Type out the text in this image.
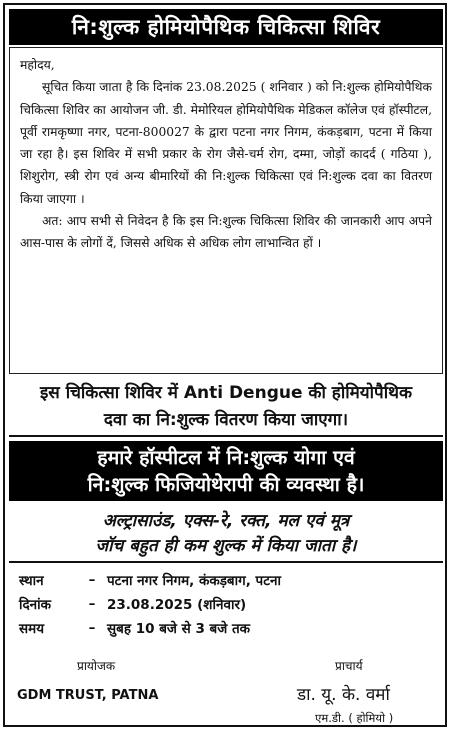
नि:शुल्क होमियोपैथिक चिकित्सा शिविर

महोदय,

सूचित किया जाता है कि दिनांक 23.08.2025 ( शनिवार ) को नि:शुल्क होमियोपैथिक चिकित्सा शिविर का आयोजन जी. डी. मेमोरियल होमियोपैथिक मेडिकल कॉलेज एवं हॉस्पीटल, पूर्वी रामकृष्णा नगर, पटना-800027 के द्वारा पटना नगर निगम, कंकड़बाग, पटना में किया जा रहा है। इस शिविर में सभी प्रकार के रोग जैसे-चर्म रोग, दम्मा, जोड़ों कादर्द ( गठिया ), शिशुरोग, स्त्री रोग एवं अन्य बीमारियों की नि:शुल्क चिकित्सा एवं नि:शुल्क दवा का वितरण किया जाएगा ।

अत: आप सभी से निवेदन है कि इस नि:शुल्क चिकित्सा शिविर की जानकारी आप अपने आस-पास के लोगों दें, जिससे अधिक से अधिक लोग लाभान्वित हों ।

इस चिकित्सा शिविर में Anti Dengue की होमियोपैथिक
दवा का नि:शुल्क वितरण किया जाएगा।
हमारे हॉस्पीटल में नि:शुल्क योगा एवं
नि:शुल्क फिजियोथेरापी की व्यवस्था है।
अल्ट्रासाउंड, एक्स-रे, रक्त, मल एवं मूत्र
जॉच बहुत ही कम शुल्क में किया जाता है।
स्थान	– पटना नगर निगम, कंकड़बाग, पटना
दिनांक	– 23.08.2025 (शनिवार)
समय	– सुबह 10 बजे से 3 बजे तक
प्रायोजक
GDM TRUST, PATNA
प्राचार्य
डा. यू. के. वर्मा
एम.डी. ( होमियो )
